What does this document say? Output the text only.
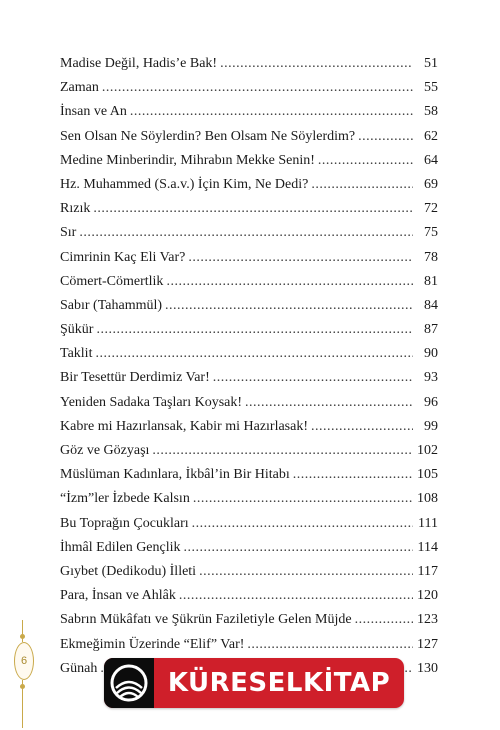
Madise Değil, Hadis’e Bak! .....	51
Zaman .....	55
İnsan ve An .....	58
Sen Olsan Ne Söylerdin? Ben Olsam Ne Söylerdim? .....	62
Medine Minberindir, Mihrabın Mekke Senin! .....	64
Hz. Muhammed (S.a.v.) İçin Kim, Ne Dedi? .....	69
Rızık .....	72
Sır .....	75
Cimrinin Kaç Eli Var? .....	78
Cömert-Cömertlik .....	81
Sabır (Tahammül) .....	84
Şükür .....	87
Taklit .....	90
Bir Tesettür Derdimiz Var! .....	93
Yeniden Sadaka Taşları Koysak! .....	96
Kabre mi Hazırlansak, Kabir mi Hazırlasak! .....	99
Göz ve Gözyaşı .....	102
Müslüman Kadınlara, İkbâl’in Bir Hitabı .....	105
“İzm”ler İzbede Kalsın .....	108
Bu Toprağın Çocukları .....	111
İhmâl Edilen Gençlik .....	114
Gıybet (Dedikodu) İlleti .....	117
Para, İnsan ve Ahlâk .....	120
Sabrın Mükâfatı ve Şükrün Faziletiyle Gelen Müjde .....	123
Ekmeğimin Üzerinde “Elif” Var! .....	127
Günah .....	130
6
KÜRESELKİTAP
